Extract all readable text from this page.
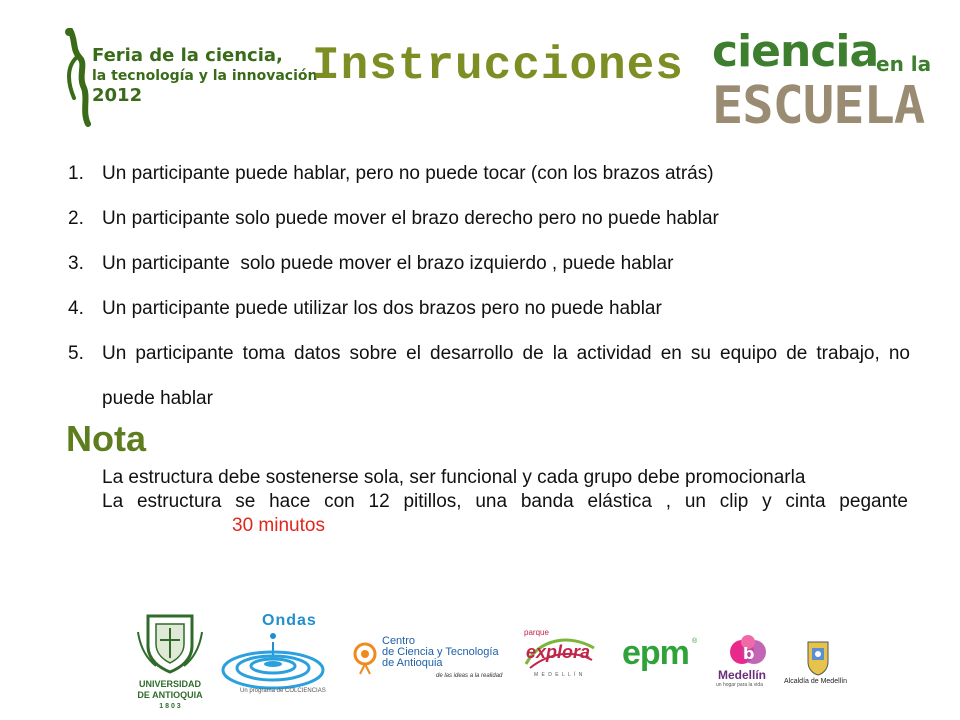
Feria de la ciencia,
la tecnología y la innovación
2012
Instrucciones ciencia
en la
ESCUELA
1. Un participante puede hablar, pero no puede tocar (con los brazos atrás)
2. Un participante solo puede mover el brazo derecho pero no puede hablar
3. Un participante  solo puede mover el brazo izquierdo , puede hablar
4. Un participante puede utilizar los dos brazos pero no puede hablar
5. Un participante toma datos sobre el desarrollo de la actividad en su equipo de trabajo, no puede hablar
Nota

La estructura debe sostenerse sola, ser funcional y cada grupo debe promocionarla

La estructura se hace con 12 pitillos, una banda elástica , un clip y cinta pegante30 minutos

UNIVERSIDAD
DE ANTIOQUIA
1 8 0 3
Ondas
Un programa de COLCIENCIAS
Centro
de Ciencia y Tecnología
de Antioquia
de las ideas a la realidad
parque
explora
M E D E L L Í N
epm ®
b
Medellín
un hogar para la vida	Alcaldía de Medellín
